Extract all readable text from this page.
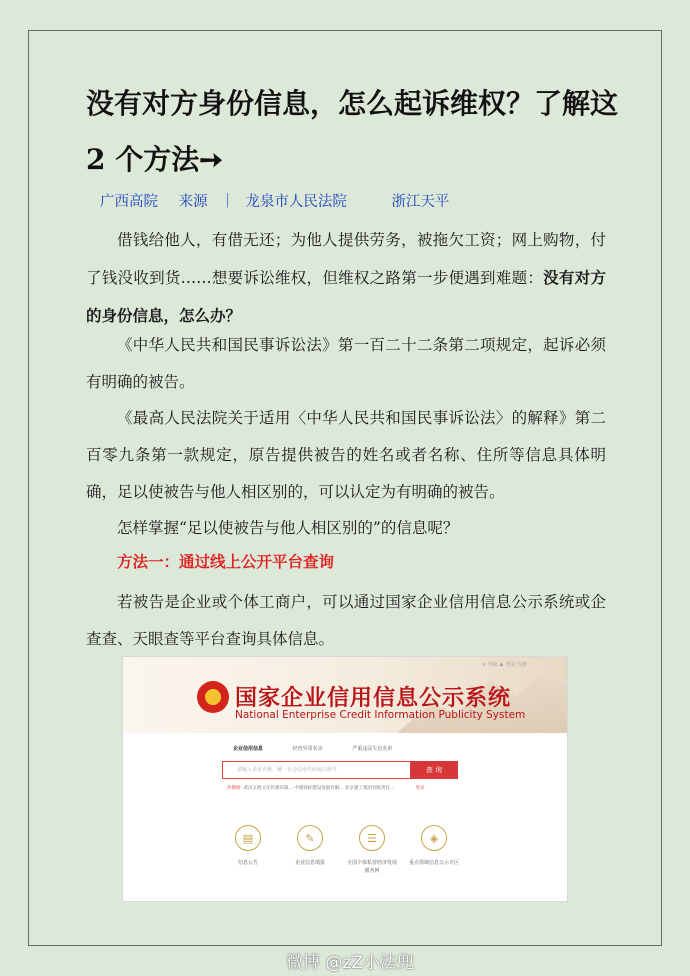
没有对方身份信息，怎么起诉维权？了解这 2 个方法➙
广西高院 来源 ｜ 龙泉市人民法院	浙江天平
借钱给他人，有借无还；为他人提供劳务，被拖欠工资；网上购物，付了钱没收到货……想要诉讼维权，但维权之路第一步便遇到难题：没有对方的身份信息，怎么办？
《中华人民共和国民事诉讼法》第一百二十二条第二项规定，起诉必须有明确的被告。
《最高人民法院关于适用〈中华人民共和国民事诉讼法〉的解释》第二百零九条第一款规定，原告提供被告的姓名或者名称、住所等信息具体明确，足以使被告与他人相区别的，可以认定为有明确的被告。
怎样掌握“足以使被告与他人相区别的”的信息呢？
方法一：通过线上公开平台查询
若被告是企业或个体工商户，可以通过国家企业信用信息公示系统或企查查、天眼查等平台查询具体信息。
⚲ 导航 ♟ 登录 注册
国家企业信用信息公示系统
National Enterprise Credit Information Publicity System
企业信用信息	经营异常名录	严重违法失信名单
请输入企业名称、统一社会信用代码或注册号	查 询
热搜榜: 武汉五胜文化传媒有限... 中建商砼建设发展有限... 北京建工集团有限责任...	更多
▤
信息公告
✎
企业信息填报
☰
全国个体私营经济发展服务网
◈
重点领域信息公示专区
微博 @zZ小法兜
